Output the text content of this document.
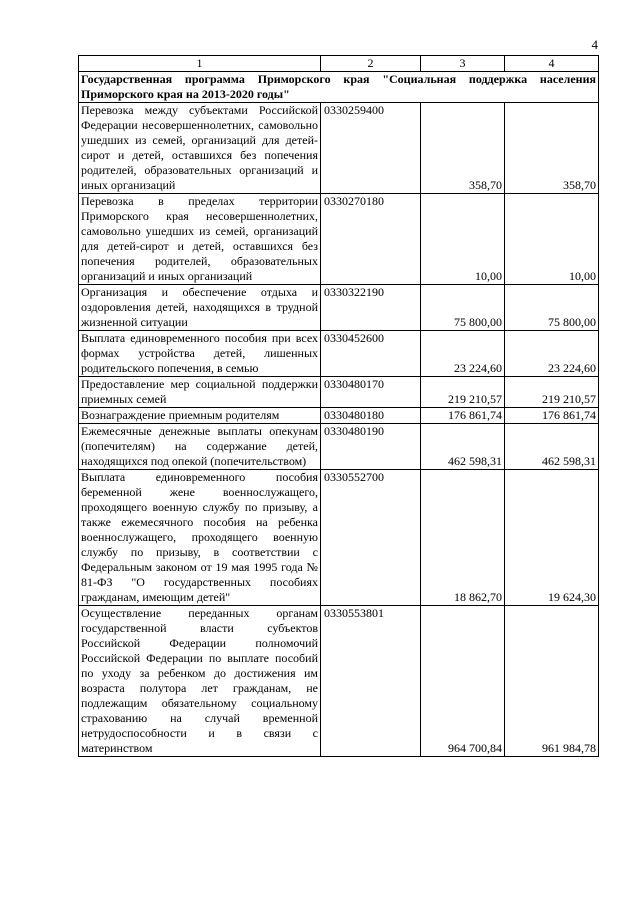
4
1	2	3	4
Государственная программа Приморского края "Социальная поддержка населения Приморского края на 2013-2020 годы"			
Перевозка между субъектами Российской Федерации несовершеннолетних, самовольно ушедших из семей, организаций для детей-сирот и детей, оставшихся без попечения родителей, образовательных организаций и иных организаций	0330259400	358,70	358,70
Перевозка в пределах территории Приморского края несовершеннолетних, самовольно ушедших из семей, организаций для детей-сирот и детей, оставшихся без попечения родителей, образовательных организаций и иных организаций	0330270180	10,00	10,00
Организация и обеспечение отдыха и оздоровления детей, находящихся в трудной жизненной ситуации	0330322190	75 800,00	75 800,00
Выплата единовременного пособия при всех формах устройства детей, лишенных родительского попечения, в семью	0330452600	23 224,60	23 224,60
Предоставление мер социальной поддержки приемных семей	0330480170	219 210,57	219 210,57
Вознаграждение приемным родителям	0330480180	176 861,74	176 861,74
Ежемесячные денежные выплаты опекунам (попечителям) на содержание детей, находящихся под опекой (попечительством)	0330480190	462 598,31	462 598,31
Выплата единовременного пособия беременной жене военнослужащего, проходящего военную службу по призыву, а также ежемесячного пособия на ребенка военнослужащего, проходящего военную службу по призыву, в соответствии с Федеральным законом от 19 мая 1995 года № 81-ФЗ "О государственных пособиях гражданам, имеющим детей"	0330552700	18 862,70	19 624,30
Осуществление переданных органам государственной власти субъектов Российской Федерации полномочий Российской Федерации по выплате пособий по уходу за ребенком до достижения им возраста полутора лет гражданам, не подлежащим обязательному социальному страхованию на случай временной нетрудоспособности и в связи с материнством	0330553801	964 700,84	961 984,78
